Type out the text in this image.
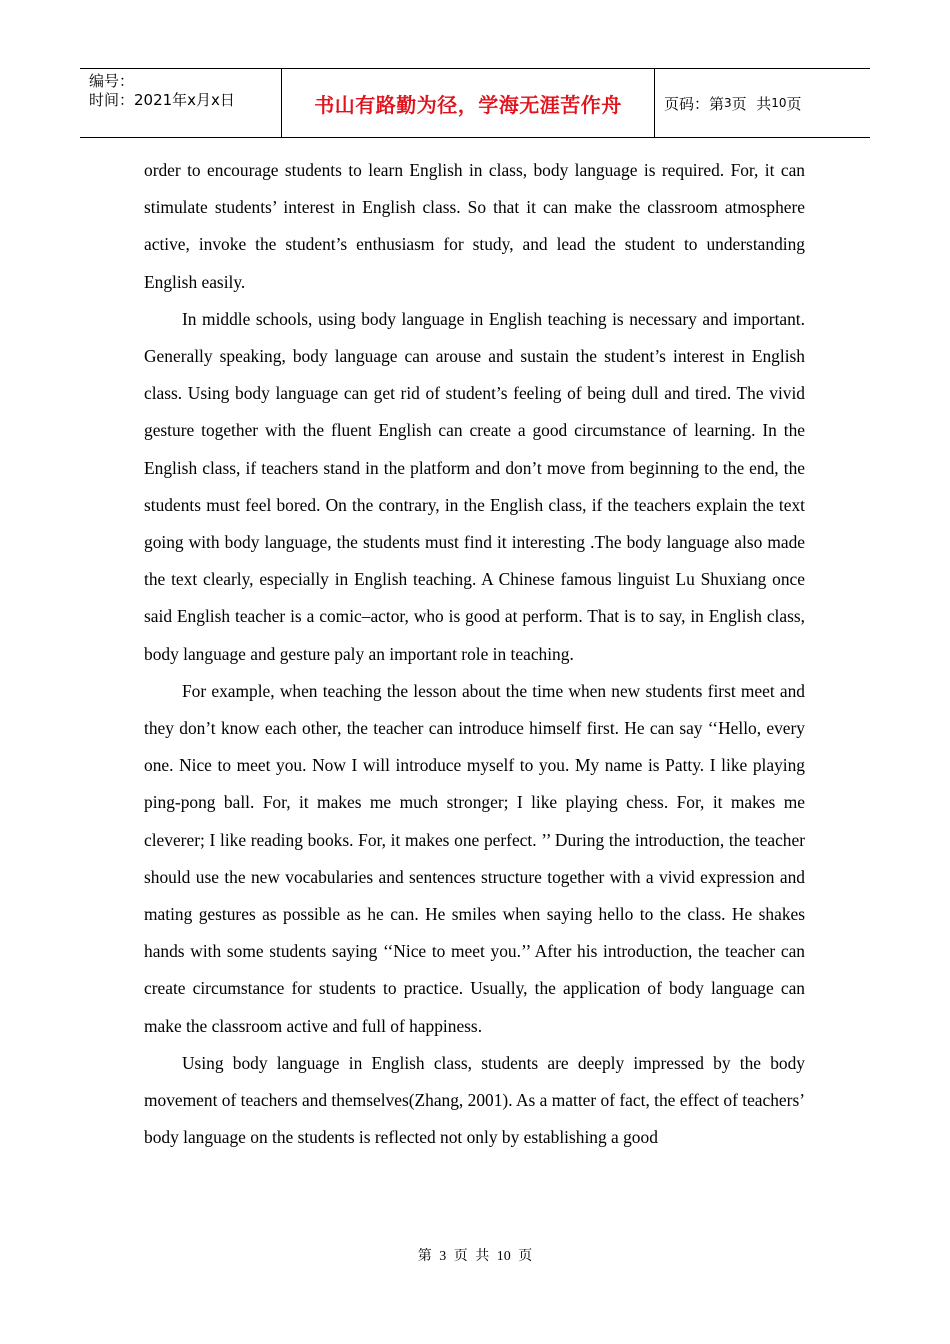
编号：
时间：2021年x月x日	书山有路勤为径，学海无涯苦作舟	页码：第 3 页  共 10 页

order to encourage students to learn English in class, body language is required. For, it can stimulate students’ interest in English class. So that it can make the classroom atmosphere active, invoke the student’s enthusiasm for study, and lead the student to understanding English easily.

In middle schools, using body language in English teaching is necessary and important. Generally speaking, body language can arouse and sustain the student’s interest in English class. Using body language can get rid of student’s feeling of being dull and tired. The vivid gesture together with the fluent English can create a good circumstance of learning. In the English class, if teachers stand in the platform and don’t move from beginning to the end, the students must feel bored. On the contrary, in the English class, if the teachers explain the text going with body language, the students must find it interesting .The body language also made the text clearly, especially in English teaching. A Chinese famous linguist Lu Shuxiang once said English teacher is a comic–actor, who is good at perform. That is to say, in English class, body language and gesture paly an important role in teaching.

For example, when teaching the lesson about the time when new students first meet and they don’t know each other, the teacher can introduce himself first. He can say ‘‘Hello, every one. Nice to meet you. Now I will introduce myself to you. My name is Patty. I like playing ping-pong ball. For, it makes me much stronger; I like playing chess. For, it makes me cleverer; I like reading books. For, it makes one perfect. ’’ During the introduction, the teacher should use the new vocabularies and sentences structure together with a vivid expression and mating gestures as possible as he can. He smiles when saying hello to the class. He shakes hands with some students saying ‘‘Nice to meet you.’’ After his introduction, the teacher can create circumstance for students to practice. Usually, the application of body language can make the classroom active and full of happiness.

Using body language in English class, students are deeply impressed by the body movement of teachers and themselves(Zhang, 2001). As a matter of fact, the effect of teachers’ body language on the students is reflected not only by establishing a good

第 3 页 共 10 页
